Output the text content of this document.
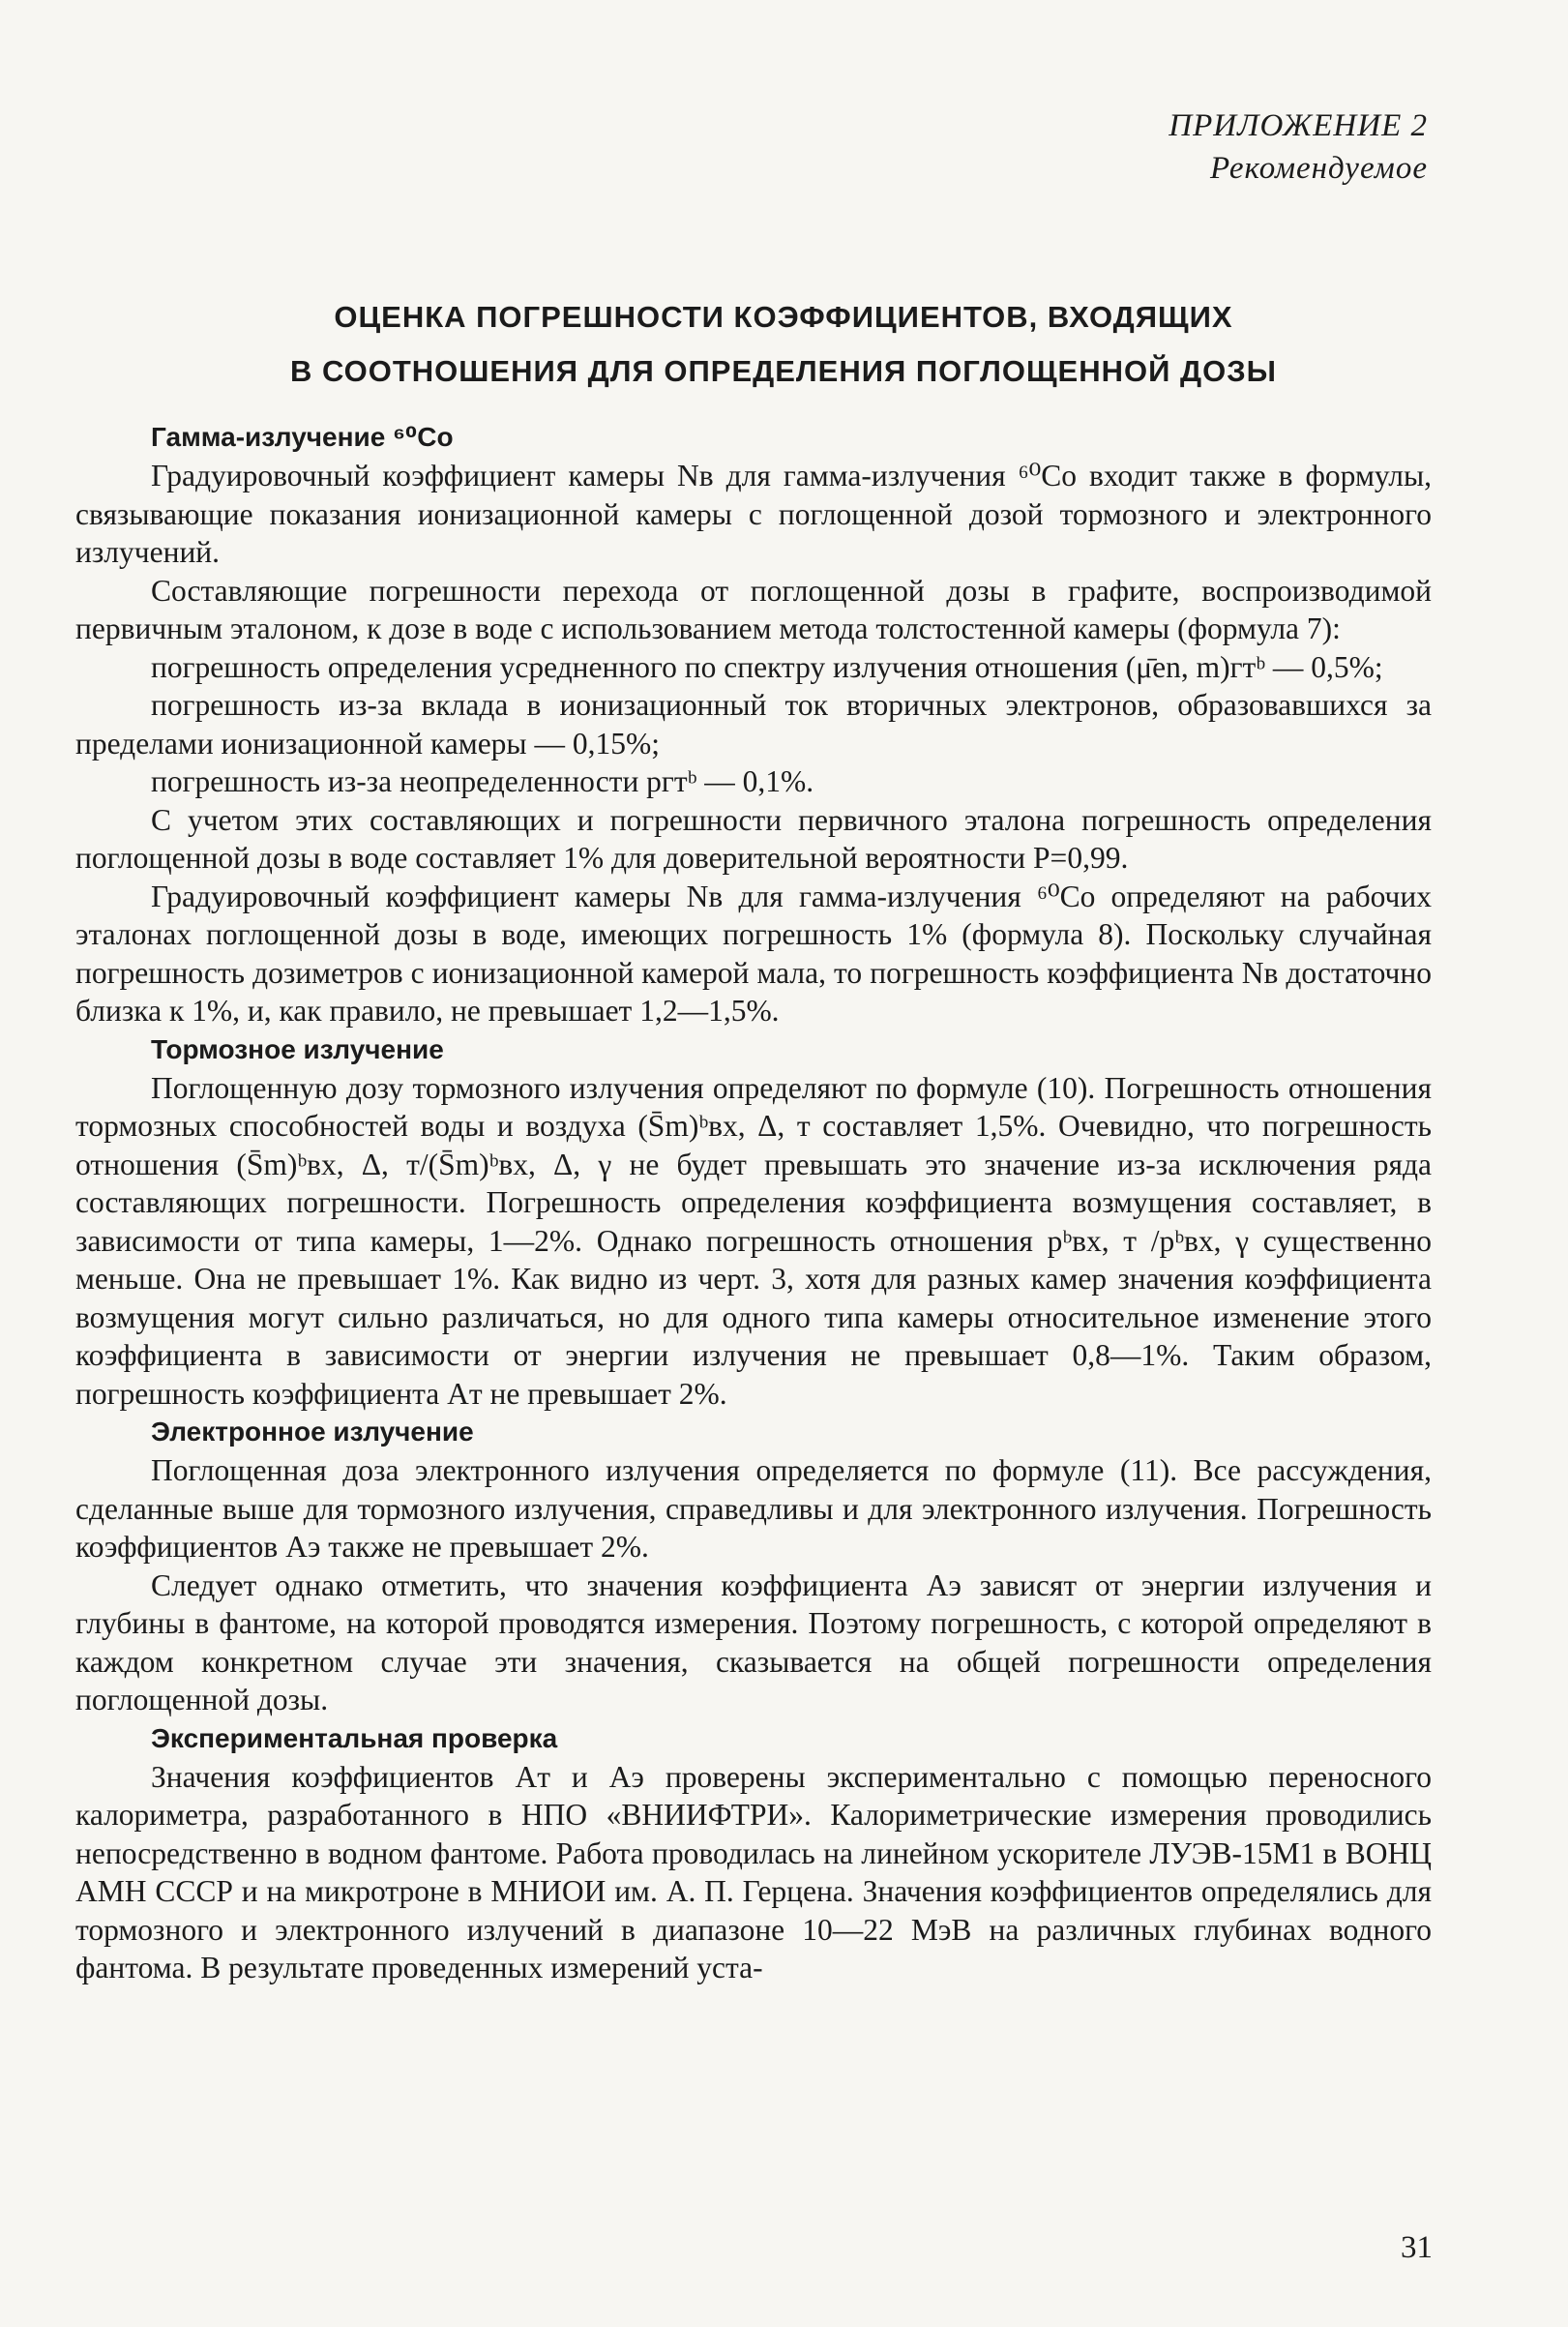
ПРИЛОЖЕНИЕ 2
Рекомендуемое
ОЦЕНКА ПОГРЕШНОСТИ КОЭФФИЦИЕНТОВ, ВХОДЯЩИХ
В СООТНОШЕНИЯ ДЛЯ ОПРЕДЕЛЕНИЯ ПОГЛОЩЕННОЙ ДОЗЫ

Гамма-излучение ⁶⁰Со

Градуировочный коэффициент камеры Nв для гамма-излучения ⁶⁰Со входит также в формулы, связывающие показания ионизационной камеры с поглощенной дозой тормозного и электронного излучений.

Составляющие погрешности перехода от поглощенной дозы в графите, воспроизводимой первичным эталоном, к дозе в воде с использованием метода толстостенной камеры (формула 7):

погрешность определения усредненного по спектру излучения отношения (μ̄en, m)гтᵇ — 0,5%;

погрешность из-за вклада в ионизационный ток вторичных электронов, образовавшихся за пределами ионизационной камеры — 0,15%;

погрешность из-за неопределенности pгтᵇ — 0,1%.

С учетом этих составляющих и погрешности первичного эталона погрешность определения поглощенной дозы в воде составляет 1% для доверительной вероятности P=0,99.

Градуировочный коэффициент камеры Nв для гамма-излучения ⁶⁰Со определяют на рабочих эталонах поглощенной дозы в воде, имеющих погрешность 1% (формула 8). Поскольку случайная погрешность дозиметров с ионизационной камерой мала, то погрешность коэффициента Nв достаточно близка к 1%, и, как правило, не превышает 1,2—1,5%.

Тормозное излучение

Поглощенную дозу тормозного излучения определяют по формуле (10). Погрешность отношения тормозных способностей воды и воздуха (S̄m)ᵇвх, Δ, т составляет 1,5%. Очевидно, что погрешность отношения (S̄m)ᵇвх, Δ, т/(S̄m)ᵇвх, Δ, γ не будет превышать это значение из-за исключения ряда составляющих погрешности. Погрешность определения коэффициента возмущения составляет, в зависимости от типа камеры, 1—2%. Однако погрешность отношения pᵇвх, т /pᵇвх, γ существенно меньше. Она не превышает 1%. Как видно из черт. 3, хотя для разных камер значения коэффициента возмущения могут сильно различаться, но для одного типа камеры относительное изменение этого коэффициента в зависимости от энергии излучения не превышает 0,8—1%. Таким образом, погрешность коэффициента Aт не превышает 2%.

Электронное излучение

Поглощенная доза электронного излучения определяется по формуле (11). Все рассуждения, сделанные выше для тормозного излучения, справедливы и для электронного излучения. Погрешность коэффициентов Aэ также не превышает 2%.

Следует однако отметить, что значения коэффициента Aэ зависят от энергии излучения и глубины в фантоме, на которой проводятся измерения. Поэтому погрешность, с которой определяют в каждом конкретном случае эти значения, сказывается на общей погрешности определения поглощенной дозы.

Экспериментальная проверка

Значения коэффициентов Aт и Aэ проверены экспериментально с помощью переносного калориметра, разработанного в НПО «ВНИИФТРИ». Калориметрические измерения проводились непосредственно в водном фантоме. Работа проводилась на линейном ускорителе ЛУЭВ-15М1 в ВОНЦ АМН СССР и на микротроне в МНИОИ им. А. П. Герцена. Значения коэффициентов определялись для тормозного и электронного излучений в диапазоне 10—22 МэВ на различных глубинах водного фантома. В результате проведенных измерений уста-

31
